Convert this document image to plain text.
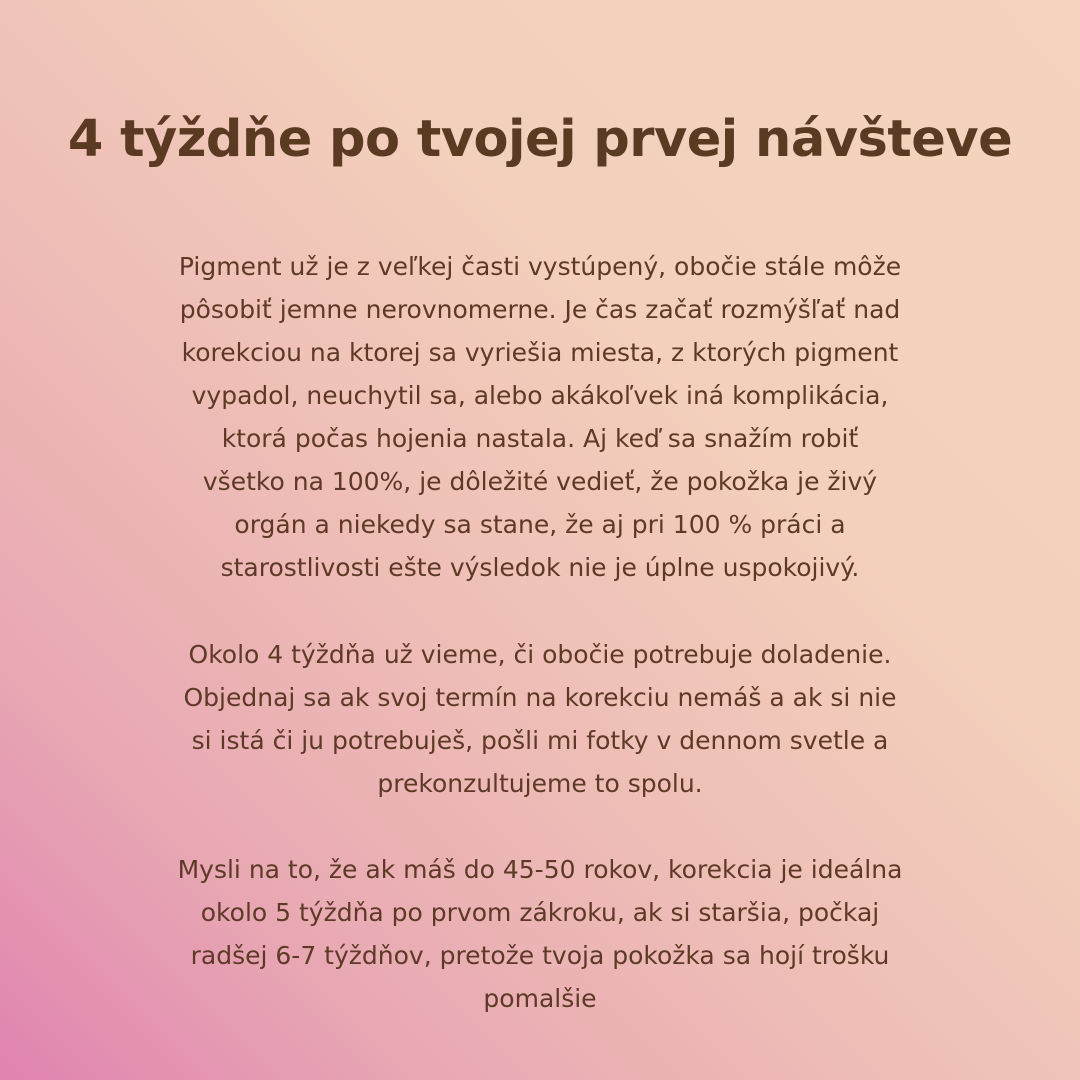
4 týždňe po tvojej prvej návšteve
Pigment už je z veľkej časti vystúpený, obočie stále môže
pôsobiť jemne nerovnomerne. Je čas začať rozmýšľať nad
korekciou na ktorej sa vyriešia miesta, z ktorých pigment
vypadol, neuchytil sa, alebo akákoľvek iná komplikácia,
ktorá počas hojenia nastala. Aj keď sa snažím robiť
všetko na 100%, je dôležité vedieť, že pokožka je živý
orgán a niekedy sa stane, že aj pri 100 % práci a
starostlivosti ešte výsledok nie je úplne uspokojivý.
Okolo 4 týždňa už vieme, či obočie potrebuje doladenie.
Objednaj sa ak svoj termín na korekciu nemáš a ak si nie
si istá či ju potrebuješ, pošli mi fotky v dennom svetle a
prekonzultujeme to spolu.
Mysli na to, že ak máš do 45-50 rokov, korekcia je ideálna
okolo 5 týždňa po prvom zákroku, ak si staršia, počkaj
radšej 6-7 týždňov, pretože tvoja pokožka sa hojí trošku
pomalšie
